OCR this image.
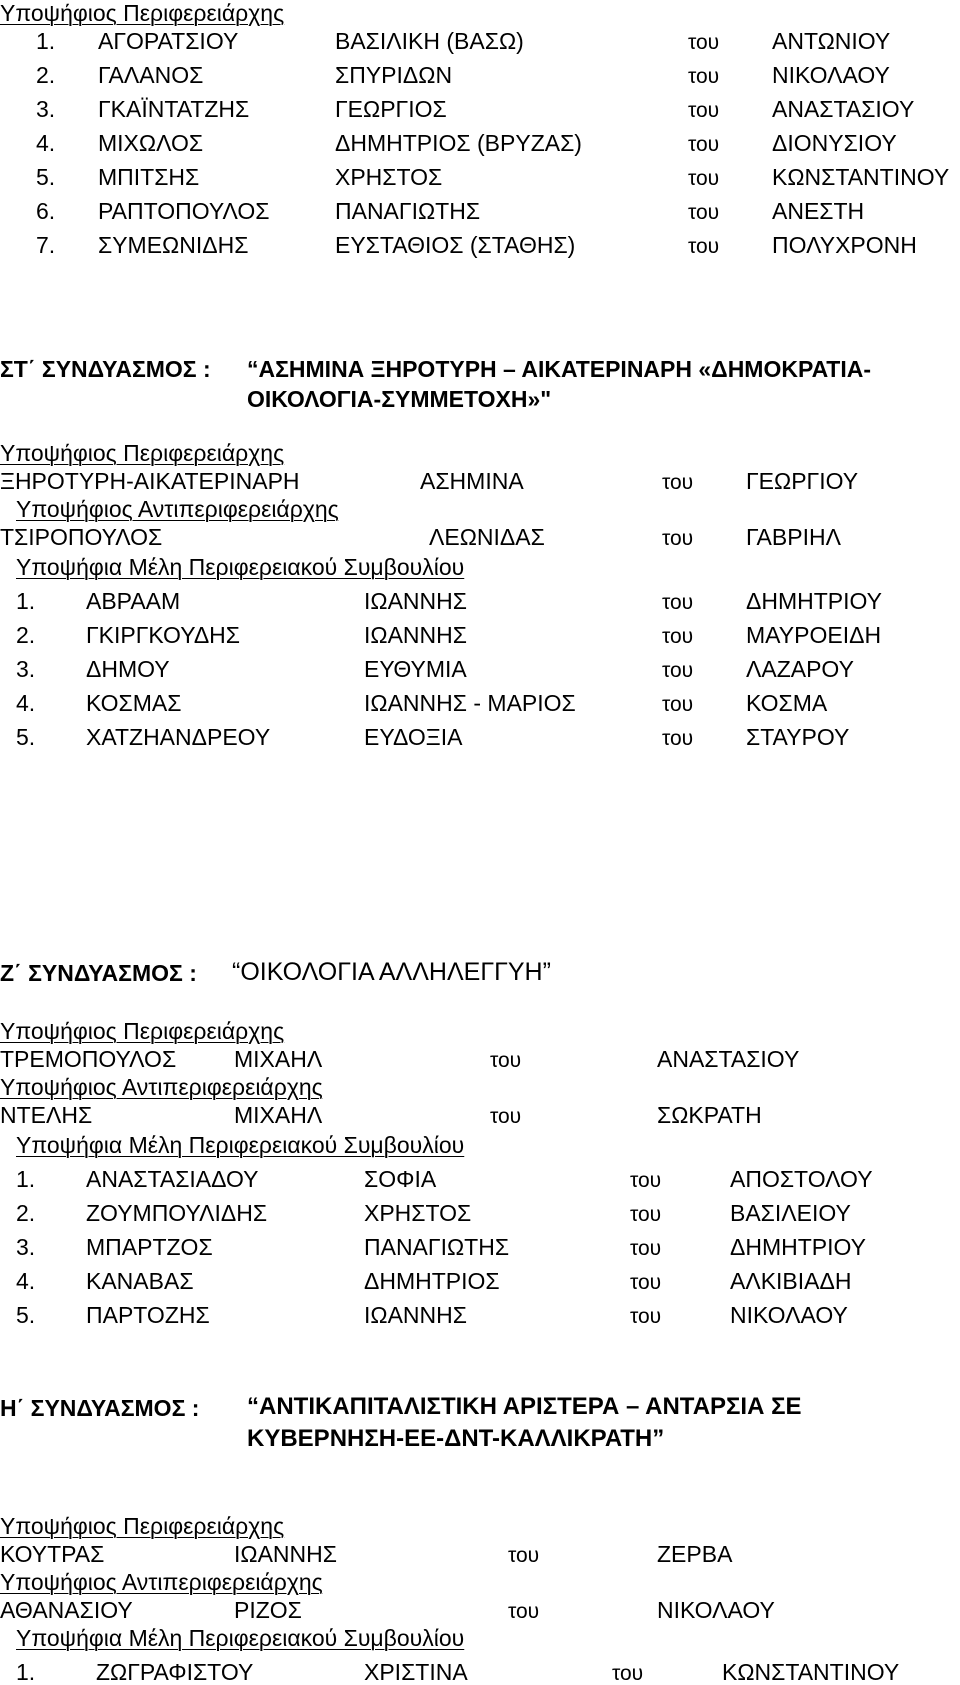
Υποψήφιος Περιφερειάρχης
1. ΑΓΟΡΑΤΣΙΟΥ	ΒΑΣΙΛΙΚΗ (ΒΑΣΩ)	του ΑΝΤΩΝΙΟΥ
2. ΓΑΛΑΝΟΣ	ΣΠΥΡΙΔΩΝ	του ΝΙΚΟΛΑΟΥ
3. ΓΚΑΪΝΤΑΤΖΗΣ	ΓΕΩΡΓΙΟΣ	του ΑΝΑΣΤΑΣΙΟΥ
4. ΜΙΧΩΛΟΣ	ΔΗΜΗΤΡΙΟΣ (ΒΡΥΖΑΣ)	του ΔΙΟΝΥΣΙΟΥ
5. ΜΠΙΤΣΗΣ	ΧΡΗΣΤΟΣ	του ΚΩΝΣΤΑΝΤΙΝΟΥ
6. ΡΑΠΤΟΠΟΥΛΟΣ	ΠΑΝΑΓΙΩΤΗΣ	του ΑΝΕΣΤΗ
7. ΣΥΜΕΩΝΙΔΗΣ	ΕΥΣΤΑΘΙΟΣ (ΣΤΑΘΗΣ)	του ΠΟΛΥΧΡΟΝΗ
ΣΤ΄ ΣΥΝΔΥΑΣΜΟΣ : “ΑΣΗΜΙΝΑ ΞΗΡΟΤΥΡΗ – ΑΙΚΑΤΕΡΙΝΑΡΗ «ΔΗΜΟΚΡΑΤΙΑ-
ΟΙΚΟΛΟΓΙΑ-ΣΥΜΜΕΤΟΧΗ»"
Υποψήφιος Περιφερειάρχης
ΞΗΡΟΤΥΡΗ-ΑΙΚΑΤΕΡΙΝΑΡΗ	ΑΣΗΜΙΝΑ	του ΓΕΩΡΓΙΟΥ
Υποψήφιος Αντιπεριφερειάρχης
ΤΣΙΡΟΠΟΥΛΟΣ	ΛΕΩΝΙΔΑΣ	του ΓΑΒΡΙΗΛ
Υποψήφια Μέλη Περιφερειακού Συμβουλίου
1. ΑΒΡΑΑΜ	ΙΩΑΝΝΗΣ	του ΔΗΜΗΤΡΙΟΥ
2. ΓΚΙΡΓΚΟΥΔΗΣ	ΙΩΑΝΝΗΣ	του ΜΑΥΡΟΕΙΔΗ
3. ΔΗΜΟΥ	ΕΥΘΥΜΙΑ	του ΛΑΖΑΡΟΥ
4. ΚΟΣΜΑΣ	ΙΩΑΝΝΗΣ - ΜΑΡΙΟΣ	του ΚΟΣΜΑ
5. ΧΑΤΖΗΑΝΔΡΕΟΥ	ΕΥΔΟΞΙΑ	του ΣΤΑΥΡΟΥ
Ζ΄ ΣΥΝΔΥΑΣΜΟΣ : “ΟΙΚΟΛΟΓΙΑ ΑΛΛΗΛΕΓΓΥΗ”
Υποψήφιος Περιφερειάρχης
ΤΡΕΜΟΠΟΥΛΟΣ	ΜΙΧΑΗΛ	του	ΑΝΑΣΤΑΣΙΟΥ
Υποψήφιος Αντιπεριφερειάρχης
ΝΤΕΛΗΣ	ΜΙΧΑΗΛ	του	ΣΩΚΡΑΤΗ
Υποψήφια Μέλη Περιφερειακού Συμβουλίου
1. ΑΝΑΣΤΑΣΙΑΔΟΥ	ΣΟΦΙΑ	του	ΑΠΟΣΤΟΛΟΥ
2. ΖΟΥΜΠΟΥΛΙΔΗΣ	ΧΡΗΣΤΟΣ	του	ΒΑΣΙΛΕΙΟΥ
3. ΜΠΑΡΤΖΟΣ	ΠΑΝΑΓΙΩΤΗΣ	του	ΔΗΜΗΤΡΙΟΥ
4. ΚΑΝΑΒΑΣ	ΔΗΜΗΤΡΙΟΣ	του	ΑΛΚΙΒΙΑΔΗ
5. ΠΑΡΤΟΖΗΣ	ΙΩΑΝΝΗΣ	του	ΝΙΚΟΛΑΟΥ
Η΄ ΣΥΝΔΥΑΣΜΟΣ : “ΑΝΤΙΚΑΠΙΤΑΛΙΣΤΙΚΗ ΑΡΙΣΤΕΡΑ – ΑΝΤΑΡΣΙΑ ΣΕ
ΚΥΒΕΡΝΗΣΗ-ΕΕ-ΔΝΤ-ΚΑΛΛΙΚΡΑΤΗ”
Υποψήφιος Περιφερειάρχης
ΚΟΥΤΡΑΣ	ΙΩΑΝΝΗΣ	του	ΖΕΡΒΑ
Υποψήφιος Αντιπεριφερειάρχης
ΑΘΑΝΑΣΙΟΥ	ΡΙΖΟΣ	του	ΝΙΚΟΛΑΟΥ
Υποψήφια Μέλη Περιφερειακού Συμβουλίου
1.	ΖΩΓΡΑΦΙΣΤΟΥ	ΧΡΙΣΤΙΝΑ	του	ΚΩΝΣΤΑΝΤΙΝΟΥ
